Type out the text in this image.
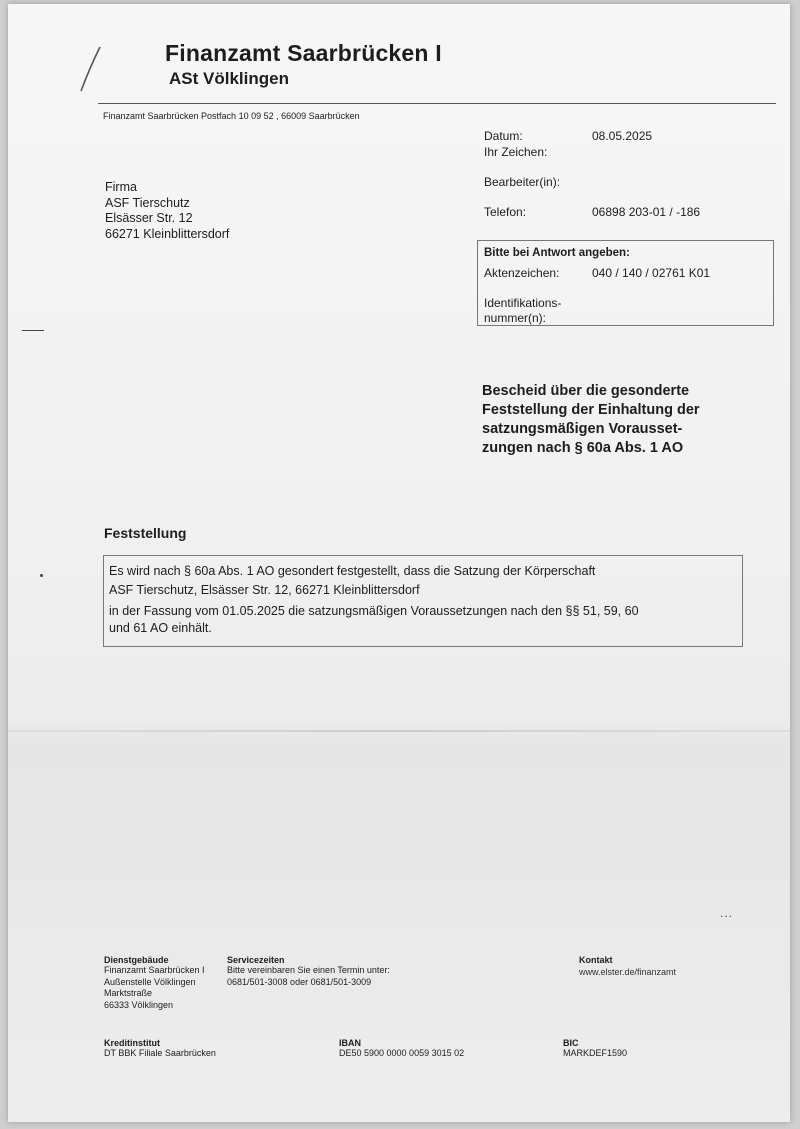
Finanzamt Saarbrücken I
ASt Völklingen
Finanzamt Saarbrücken Postfach 10 09 52 , 66009 Saarbrücken
Firma
ASF Tierschutz
Elsässer Str. 12
66271 Kleinblittersdorf
Datum:	08.05.2025
Ihr Zeichen:
Bearbeiter(in):
Telefon:	06898 203-01 / -186
Bitte bei Antwort angeben:
Aktenzeichen:	040 / 140 / 02761 K01
Identifikations-
nummer(n):
Bescheid über die gesonderte
Feststellung der Einhaltung der
satzungsmäßigen Vorausset-
zungen nach § 60a Abs. 1 AO
Feststellung
Es wird nach § 60a Abs. 1 AO gesondert festgestellt, dass die Satzung der Körperschaft
ASF Tierschutz, Elsässer Str. 12, 66271 Kleinblittersdorf
in der Fassung vom 01.05.2025 die satzungsmäßigen Voraussetzungen nach den §§ 51, 59, 60
und 61 AO einhält.
...
Dienstgebäude
Finanzamt Saarbrücken I
Außenstelle Völklingen
Marktstraße
66333 Völklingen
Servicezeiten
Bitte vereinbaren Sie einen Termin unter:
0681/501-3008 oder 0681/501-3009
Kontakt
www.elster.de/finanzamt
Kreditinstitut
DT BBK Filiale Saarbrücken
IBAN
DE50 5900 0000 0059 3015 02
BIC
MARKDEF1590
